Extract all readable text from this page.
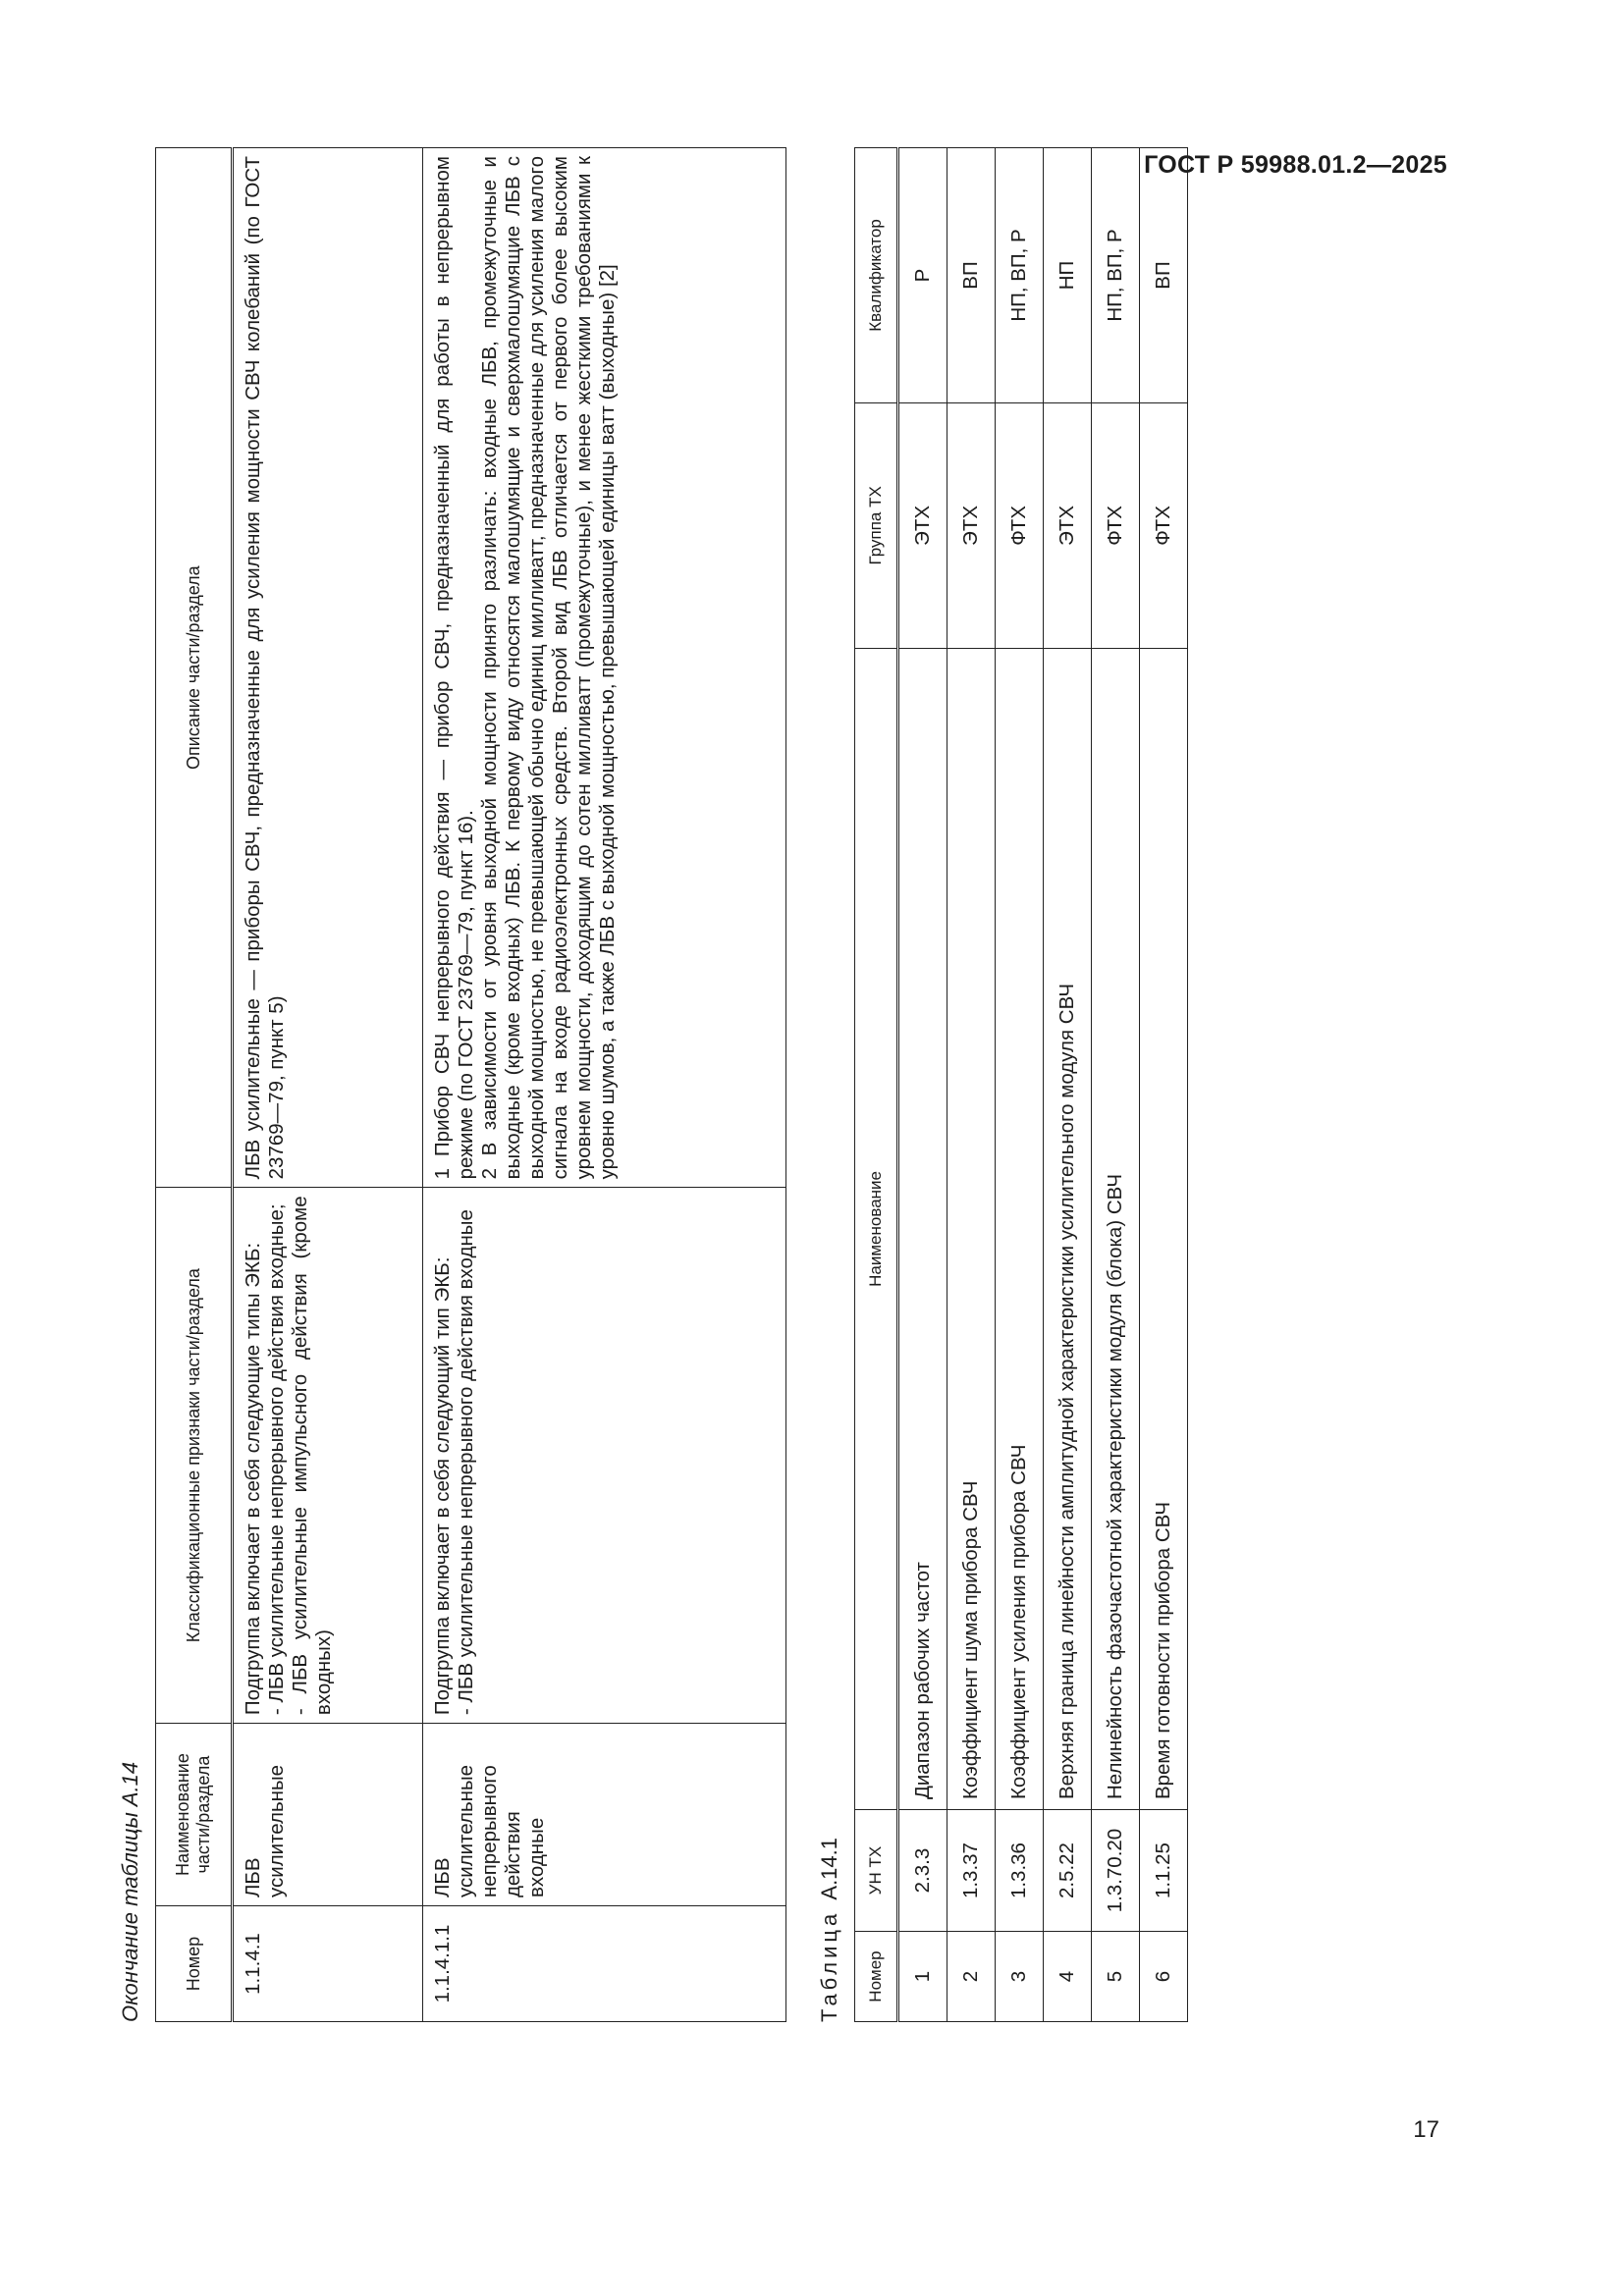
ГОСТ Р 59988.01.2—2025
Окончание таблицы А.14 Номер	Наименование части/раздела	Классификационные признаки части/раздела	Описание части/раздела
1.1.4.1	ЛБВ усилительные	Подгруппа включает в себя следующие типы ЭКБ:
- ЛБВ усилительные непрерывного действия входные;
- ЛБВ усилительные импульсного действия (кроме входных)	ЛБВ усилительные — приборы СВЧ, предназначенные для усиления мощности СВЧ колебаний (по ГОСТ 23769—79, пункт 5)
1.1.4.1.1	ЛБВ усилительные непрерывного действия входные	Подгруппа включает в себя следующий тип ЭКБ:
- ЛБВ усилительные непрерывного действия входные	1 Прибор СВЧ непрерывного действия — прибор СВЧ, предназначенный для работы в непрерывном режиме (по ГОСТ 23769—79, пункт 16).
2 В зависимости от уровня выходной мощности принято различать: входные ЛБВ, промежуточные и выходные (кроме входных) ЛБВ. К первому виду относятся малошумящие и сверхмалошумящие ЛБВ с выходной мощностью, не превышающей обычно единиц милливатт, предназначенные для усиления малого сигнала на входе радиоэлектронных средств. Второй вид ЛБВ отличается от первого более высоким уровнем мощности, доходящим до сотен милливатт (промежуточные), и менее жесткими требованиями к уровню шумов, а также ЛБВ с выходной мощностью, превышающей единицы ватт (выходные) [2]
Таблица А.14.1
Номер	УН ТХ	Наименование	Группа ТХ	Квалификатор
1	2.3.3	Диапазон рабочих частот	ЭТХ	Р
2	1.3.37	Коэффициент шума прибора СВЧ	ЭТХ	ВП
3	1.3.36	Коэффициент усиления прибора СВЧ	ФТХ	НП, ВП, Р
4	2.5.22	Верхняя граница линейности амплитудной характеристики усилительного модуля СВЧ	ЭТХ	НП
5	1.3.70.20	Нелинейность фазочастотной характеристики модуля (блока) СВЧ	ФТХ	НП, ВП, Р
6	1.1.25	Время готовности прибора СВЧ	ФТХ	ВП
17
